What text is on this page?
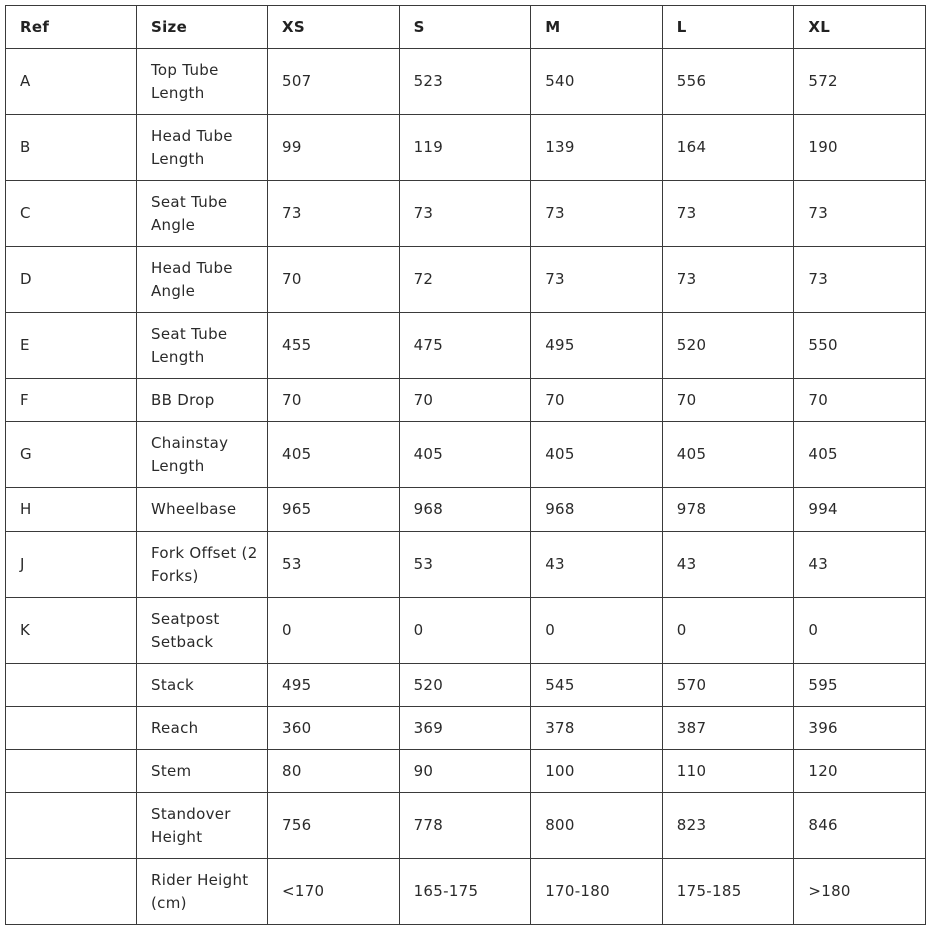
Ref	Size	XS	S	M	L	XL
A	Top Tube Length	507	523	540	556	572
B	Head Tube Length	99	119	139	164	190
C	Seat Tube Angle	73	73	73	73	73
D	Head Tube Angle	70	72	73	73	73
E	Seat Tube Length	455	475	495	520	550
F	BB Drop	70	70	70	70	70
G	Chainstay Length	405	405	405	405	405
H	Wheelbase	965	968	968	978	994
J	Fork Offset (2 Forks)	53	53	43	43	43
K	Seatpost Setback	0	0	0	0	0
	Stack	495	520	545	570	595
	Reach	360	369	378	387	396
	Stem	80	90	100	110	120
	Standover Height	756	778	800	823	846
	Rider Height (cm)	<170	165-175	170-180	175-185	>180
